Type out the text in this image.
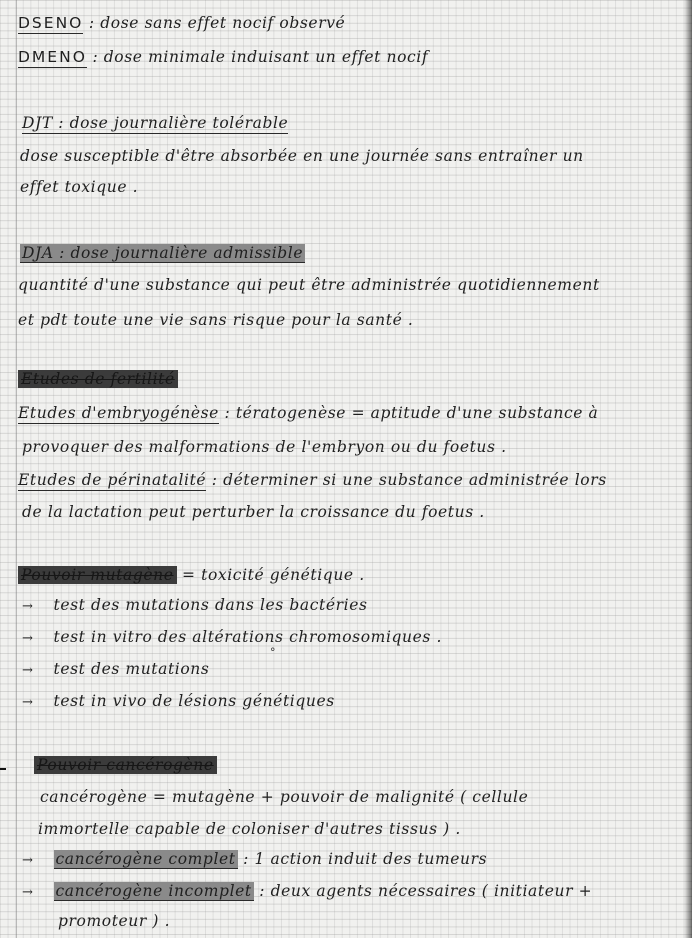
DSENO : dose sans effet nocif observé
DMENO : dose minimale induisant un effet nocif
DJT : dose journalière tolérable
dose susceptible d'être absorbée en une journée sans entraîner un
effet toxique .
DJA : dose journalière admissible
quantité d'une substance qui peut être administrée quotidiennement
et pdt toute une vie sans risque pour la santé .
Etudes de fertilité
Etudes d'embryogénèse : tératogenèse = aptitude d'une substance à
provoquer des malformations de l'embryon ou du foetus .
Etudes de périnatalité : déterminer si une substance administrée lors
de la lactation peut perturber la croissance du foetus .
Pouvoir mutagène = toxicité génétique .
→ test des mutations dans les bactéries
→ test in vitro des altérations chromosomiques .
→ test des mutations
°
→ test in vivo de lésions génétiques
Pouvoir cancérogène
cancérogène = mutagène + pouvoir de malignité ( cellule
immortelle capable de coloniser d'autres tissus ) .
→ cancérogène complet : 1 action induit des tumeurs
→ cancérogène incomplet : deux agents nécessaires ( initiateur +
promoteur ) .
